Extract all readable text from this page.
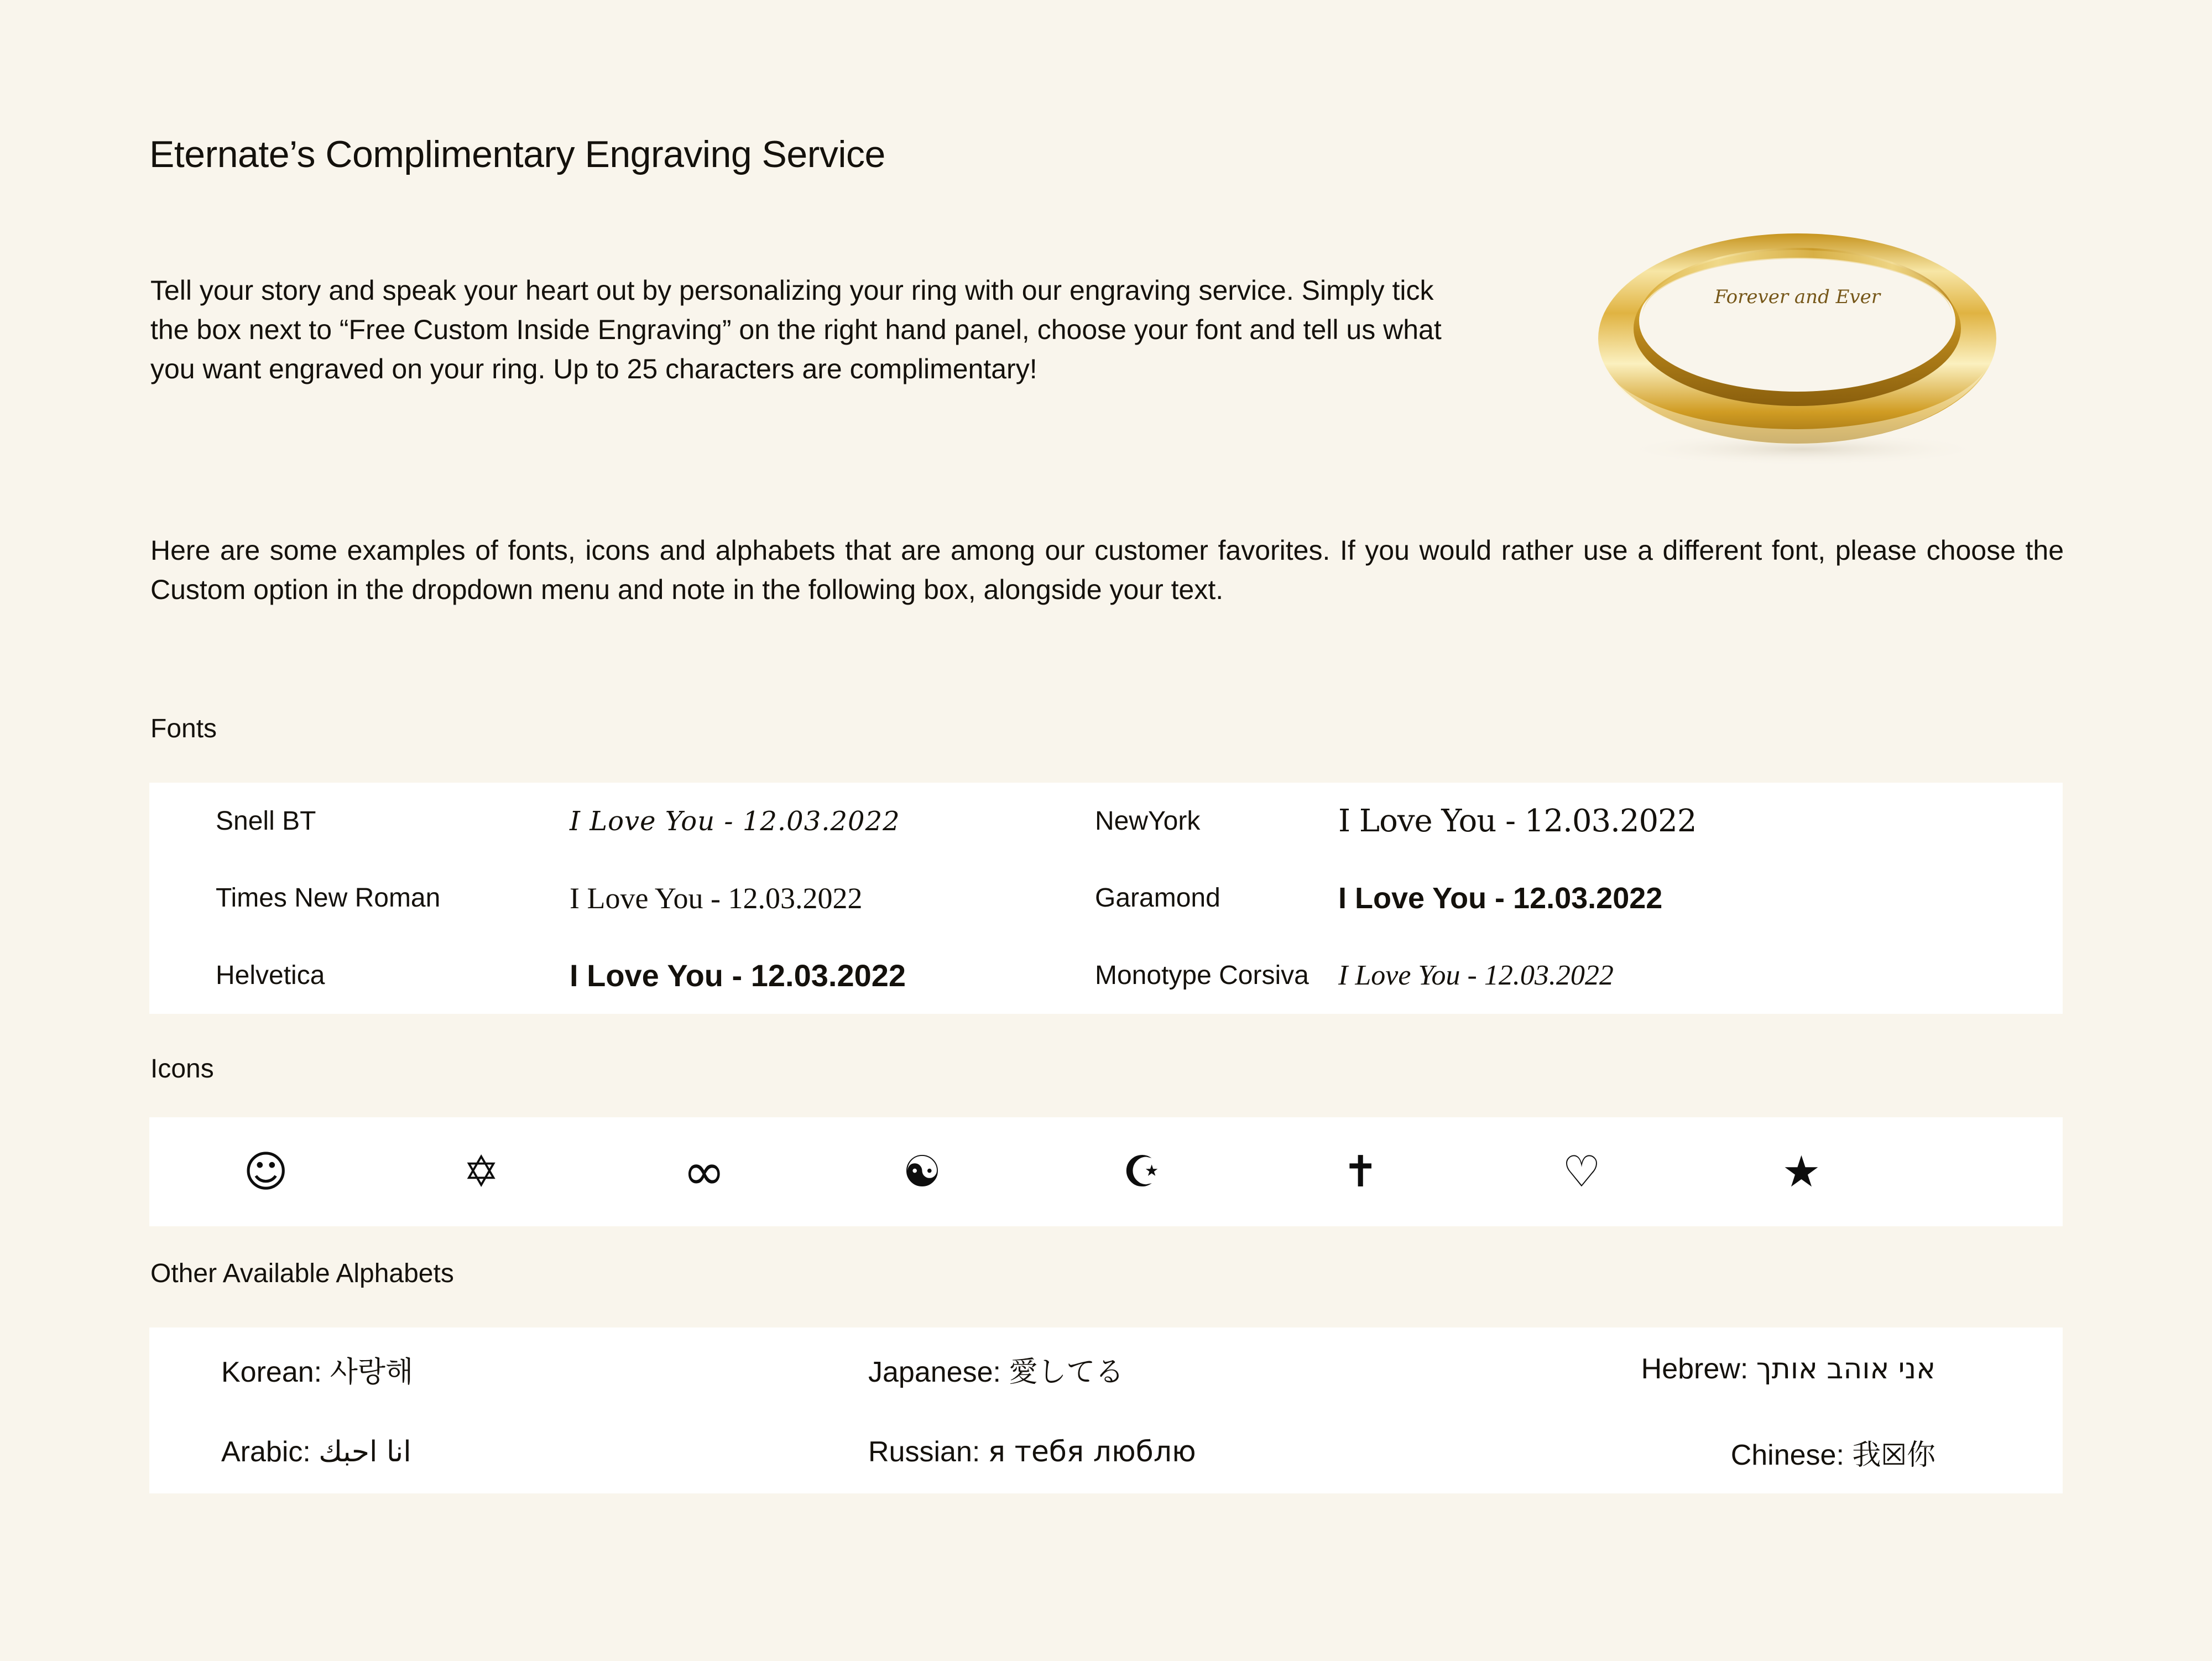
Eternate’s Complimentary Engraving Service

Tell your story and speak your heart out by personalizing your ring with our engraving service. Simply tick the box next to “Free Custom Inside Engraving” on the right hand panel, choose your font and tell us what you want engraved on your ring. Up to 25 characters are complimentary!

Here are some examples of fonts, icons and alphabets that are among our customer favorites. If you would rather use a different font, please choose the Custom option in the dropdown menu and note in the following box, alongside your text.

Forever and Ever
Fonts
Snell BT	I Love You - 12.03.2022	NewYork	I Love You - 12.03.2022
Times New Roman	I Love You - 12.03.2022	Garamond	I Love You - 12.03.2022
Helvetica	I Love You - 12.03.2022	Monotype Corsiva	I Love You - 12.03.2022
Icons
☺	✡	∞	☯	☪	✝	♡	★
Other Available Alphabets
Korean: 사랑해	Japanese: 愛してる	Hebrew: אני אוהב אותך
Arabic: انا احبك	Russian: я тебя люблю	Chinese: 我☒你
